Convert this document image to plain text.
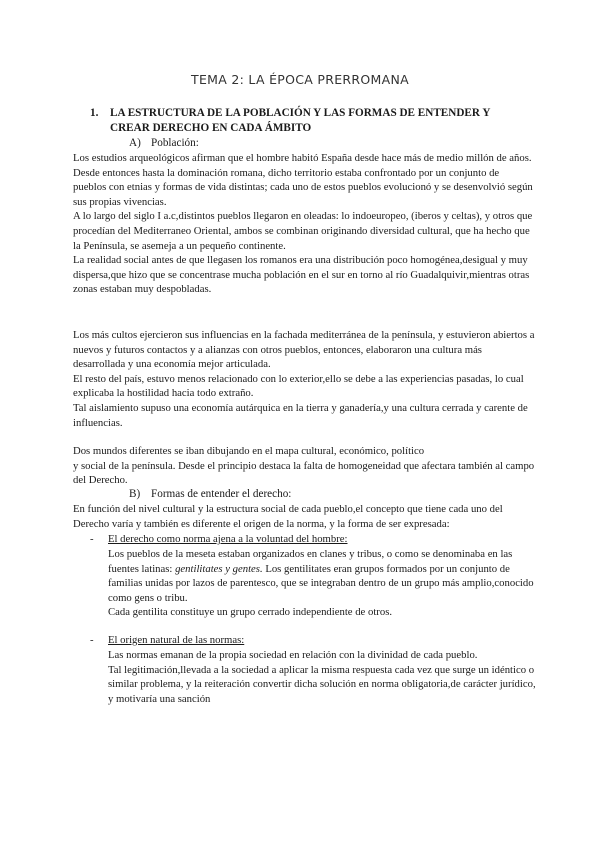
TEMA 2: LA ÉPOCA PRERROMANA
1. LA ESTRUCTURA DE LA POBLACIÓN Y LAS FORMAS DE ENTENDER Y
CREAR DERECHO EN CADA ÁMBITO
A) Población:

Los estudios arqueológicos afirman que el hombre habitó España desde hace más de medio millón de años.

Desde entonces hasta la dominación romana, dicho territorio estaba confrontado por un conjunto de pueblos con etnias y formas de vida distintas; cada uno de estos pueblos evolucionó y se desenvolvió según sus propias vivencias.

A lo largo del siglo I a.c,distintos pueblos llegaron en oleadas: lo indoeuropeo, (iberos y celtas), y otros que procedían del Mediterraneo Oriental, ambos se combinan originando diversidad cultural, que ha hecho que la Península, se asemeja a un pequeño continente.

La realidad social antes de que llegasen los romanos era una distribución poco homogénea,desigual y muy dispersa,que hizo que se concentrase mucha población en el sur en torno al río Guadalquivir,mientras otras zonas estaban muy despobladas.

Los más cultos ejercieron sus influencias en la fachada mediterránea de la península, y estuvieron abiertos a nuevos y futuros contactos y a alianzas con otros pueblos, entonces, elaboraron una cultura más desarrollada y una economía mejor articulada.

El resto del país, estuvo menos relacionado con lo exterior,ello se debe a las experiencias pasadas, lo cual explicaba la hostilidad hacia todo extraño.

Tal aislamiento supuso una economía autárquica en la tierra y ganadería,y una cultura cerrada y carente de influencias.

Dos mundos diferentes se iban dibujando en el mapa cultural, económico, político

y social de la península. Desde el principio destaca la falta de homogeneidad que afectara también al campo del Derecho.

B) Formas de entender el derecho:

En función del nivel cultural y la estructura social de cada pueblo,el concepto que tiene cada uno del Derecho varía y también es diferente el origen de la norma, y la forma de ser expresada:

- El derecho como norma ajena a la voluntad del hombre:

Los pueblos de la meseta estaban organizados en clanes y tribus, o como se denominaba en las fuentes latinas: gentilitates y gentes. Los gentilitates eran grupos formados por un conjunto de familias unidas por lazos de parentesco, que se integraban dentro de un grupo más amplio,conocido como gens o tribu.

Cada gentilita constituye un grupo cerrado independiente de otros.

- El origen natural de las normas:

Las normas emanan de la propia sociedad en relación con la divinidad de cada pueblo.

Tal legitimación,llevada a la sociedad a aplicar la misma respuesta cada vez que surge un idéntico o similar problema, y la reiteración convertir dicha solución en norma obligatoria,de carácter jurídico, y motivaría una sanción
